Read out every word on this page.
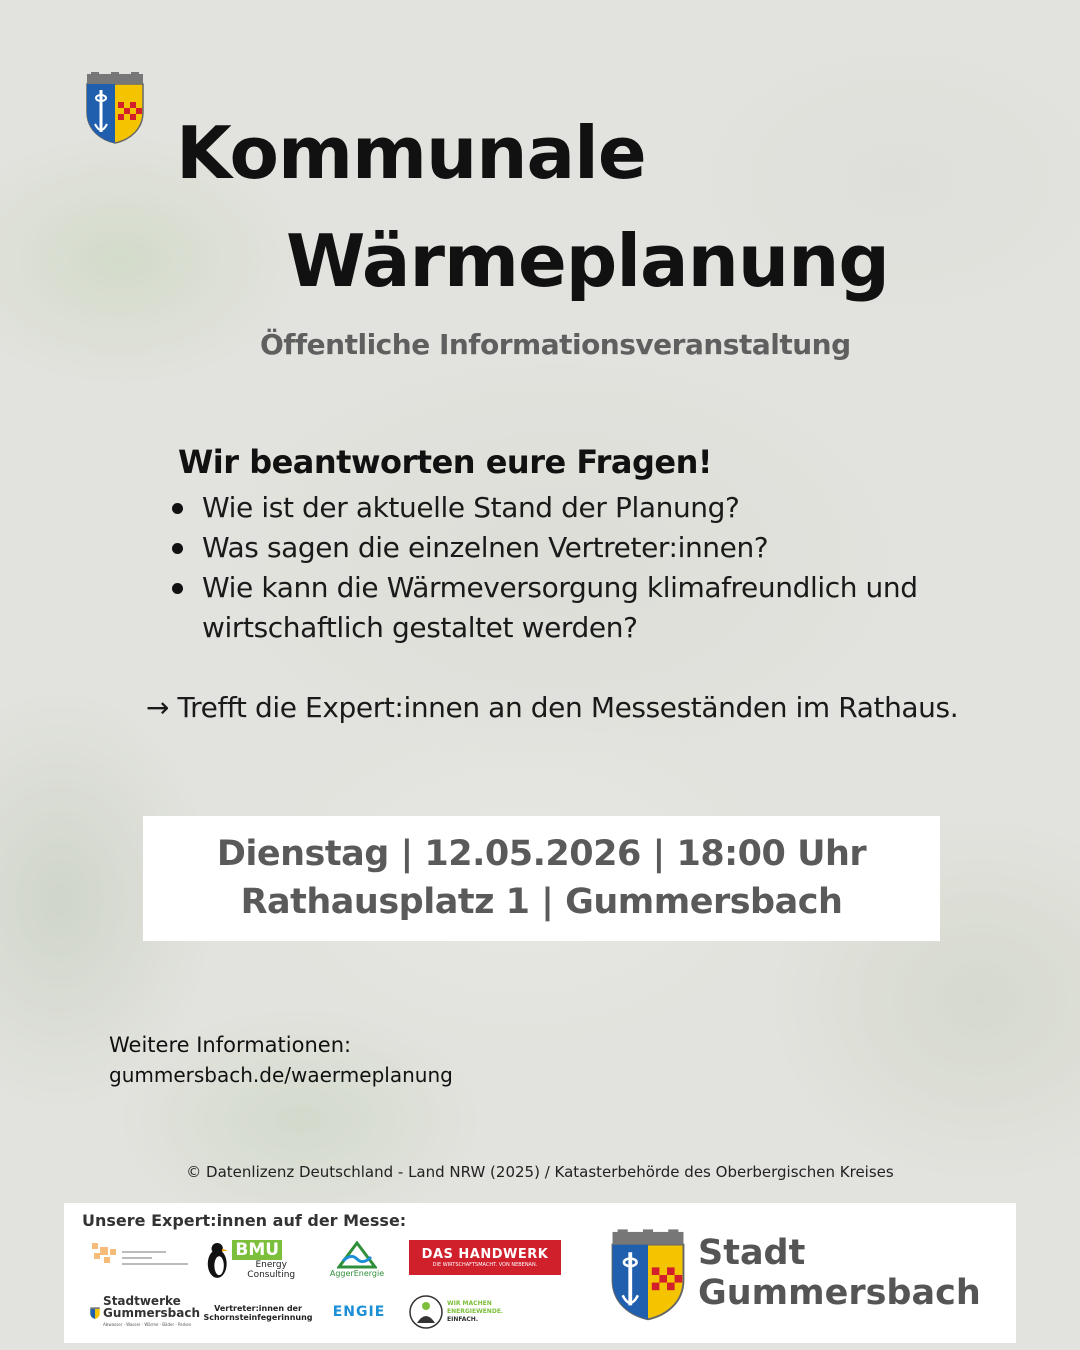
Kommunale
Wärmeplanung
Öffentliche Informationsveranstaltung
Wir beantworten eure Fragen!
Wie ist der aktuelle Stand der Planung?
Was sagen die einzelnen Vertreter:innen?
Wie kann die Wärmeversorgung klimafreundlich und wirtschaftlich gestaltet werden?
→ Trefft die Expert:innen an den Messeständen im Rathaus.
Dienstag | 12.05.2026 | 18:00 Uhr
Rathausplatz 1 | Gummersbach
Weitere Informationen:
gummersbach.de/waermeplanung
© Datenlizenz Deutschland - Land NRW (2025) / Katasterbehörde des Oberbergischen Kreises
Unsere Expert:innen auf der Messe:
BMU
Energy Consulting	AggerEnergie
DAS HANDWERK
DIE WIRTSCHAFTSMACHT. VON NEBENAN.
Stadtwerke
Gummersbach
Abwasser · Wasser · Wärme · Bäder · Parken
Vertreter:innen der
Schornsteinfegerinnung ENGIE
WIR MACHEN
ENERGIEWENDE.
EINFACH.
Stadt
Gummersbach
